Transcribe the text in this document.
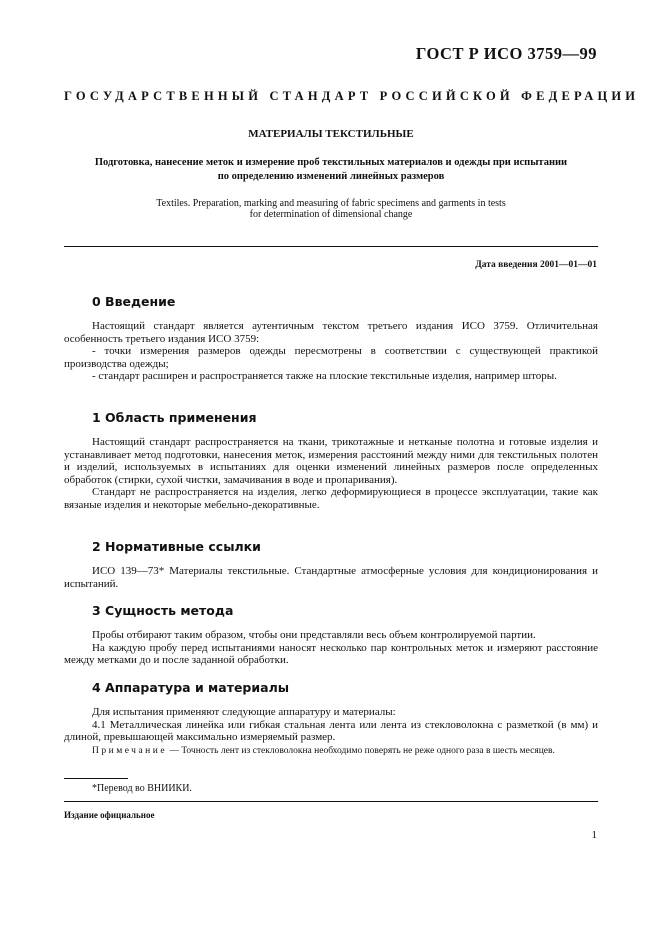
ГОСТ Р ИСО 3759—99
ГОСУДАРСТВЕННЫЙ СТАНДАРТ РОССИЙСКОЙ ФЕДЕРАЦИИ
МАТЕРИАЛЫ ТЕКСТИЛЬНЫЕ
Подготовка, нанесение меток и измерение проб текстильных материалов и одежды при испытании
по определению изменений линейных размеров
Textiles. Preparation, marking and measuring of fabric specimens and garments in tests
for determination of dimensional change
Дата введения 2001—01—01
0 Введение

Настоящий стандарт является аутентичным текстом третьего издания ИСО 3759. Отличительная особенность третьего издания ИСО 3759:

- точки измерения размеров одежды пересмотрены в соответствии с существующей практикой производства одежды;

- стандарт расширен и распространяется также на плоские текстильные изделия, например шторы.

1 Область применения

Настоящий стандарт распространяется на ткани, трикотажные и нетканые полотна и готовые изделия и устанавливает метод подготовки, нанесения меток, измерения расстояний между ними для текстильных полотен и изделий, используемых в испытаниях для оценки изменений линейных размеров после определенных обработок (стирки, сухой чистки, замачивания в воде и пропаривания).

Стандарт не распространяется на изделия, легко деформирующиеся в процессе эксплуатации, такие как вязаные изделия и некоторые мебельно-декоративные.

2 Нормативные ссылки

ИСО 139—73* Материалы текстильные. Стандартные атмосферные условия для кондиционирования и испытаний.

3 Сущность метода

Пробы отбирают таким образом, чтобы они представляли весь объем контролируемой партии.

На каждую пробу перед испытаниями наносят несколько пар контрольных меток и измеряют расстояние между метками до и после заданной обработки.

4 Аппаратура и материалы

Для испытания применяют следующие аппаратуру и материалы:

4.1 Металлическая линейка или гибкая стальная лента или лента из стекловолокна с разметкой (в мм) и длиной, превышающей максимально измеряемый размер.

Примечание — Точность лент из стекловолокна необходимо поверять не реже одного раза в шесть месяцев.

*Перевод во ВНИИКИ.
Издание официальное
1
